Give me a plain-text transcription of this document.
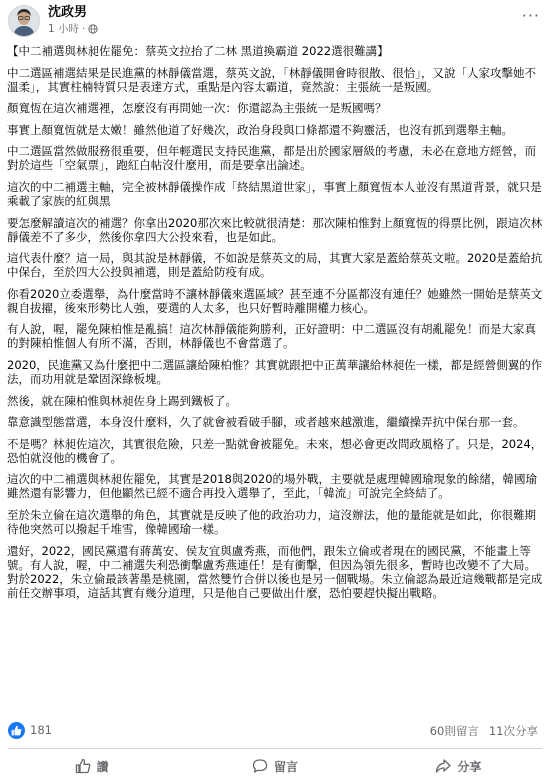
沈政男
1 小時 ·
···

【中二補選與林昶佐罷免：蔡英文拉抬了二林 黑道換霸道 2022選很難講】

中二選區補選結果是民進黨的林靜儀當選，蔡英文說，「林靜儀開會時很散、很恰」，又說「人家攻擊她不溫柔」，其實柱楠特質只是表達方式，重點是內容太霸道，竟然說：主張統一是叛國。

顏寬恆在這次補選裡，怎麼沒有再問她一次：你還認為主張統一是叛國嗎？

事實上顏寬恆就是太嫩！雖然他道了好幾次，政治身段與口條都還不夠靈活，也沒有抓到選舉主軸。

中二選區當然做服務很重要，但年輕選民支持民進黨，都是出於國家層級的考慮，未必在意地方經營，而對於這些「空氣票」，跑紅白帖沒什麼用，而是要拿出論述。

這次的中二補選主軸，完全被林靜儀操作成「終結黑道世家」，事實上顏寬恆本人並沒有黑道背景，就只是乘載了家族的紅與黑

要怎麼解讀這次的補選？你拿出2020那次來比較就很清楚：那次陳柏惟對上顏寬恆的得票比例，跟這次林靜儀差不了多少，然後你拿四大公投來看，也是如此。

這代表什麼？這一局，與其說是林靜儀，不如說是蔡英文的局，其實大家是蓋給蔡英文啦。2020是蓋給抗中保台，至於四大公投與補選，則是蓋給防疫有成。

你看2020立委選舉，為什麼當時不讓林靜儀來選區域？甚至連不分區都沒有連任？她雖然一開始是蔡英文親自拔擢，後來形勢比人強，要選的人太多，也只好暫時離開權力核心。

有人說，喔，罷免陳柏惟是亂搞！這次林靜儀能夠勝利，正好證明：中二選區沒有胡亂罷免！而是大家真的對陳柏惟個人有所不滿，否則，林靜儀也不會當選了。

2020，民進黨又為什麼把中二選區讓給陳柏惟？其實就跟把中正萬華讓給林昶佐一樣，都是經營側翼的作法，而功用就是鞏固深綠板塊。

然後，就在陳柏惟與林昶佐身上踢到鐵板了。

靠意識型態當選，本身沒什麼料，久了就會被看破手腳，或者越來越激進，繼續操弄抗中保台那一套。

不是嗎？林昶佐這次，其實很危險，只差一點就會被罷免。未來，想必會更改問政風格了。只是，2024，恐怕就沒他的機會了。

這次的中二補選與林昶佐罷免，其實是2018與2020的場外戰，主要就是處理韓國瑜現象的餘緒，韓國瑜雖然還有影響力，但他顯然已經不適合再投入選舉了，至此，「韓流」可說完全終結了。

至於朱立倫在這次選舉的角色，其實就是反映了他的政治功力，這沒辦法，他的量能就是如此，你很難期待他突然可以撥起千堆雪，像韓國瑜一樣。

還好，2022，國民黨還有蔣萬安、侯友宜與盧秀燕，而他們，跟朱立倫或者現在的國民黨，不能畫上等號。有人說，喔，中二補選失利恐衝擊盧秀燕連任！是有衝擊，但因為領先很多，暫時也改變不了大局。對於2022，朱立倫最該著墨是桃園，當然雙竹合併以後也是另一個戰場。朱立倫認為最近這幾戰都是完成前任交辦事項，這話其實有幾分道理，只是他自己要做出什麼，恐怕要趕快擬出戰略。

181	60則留言 11次分享
讚	留言	分享
